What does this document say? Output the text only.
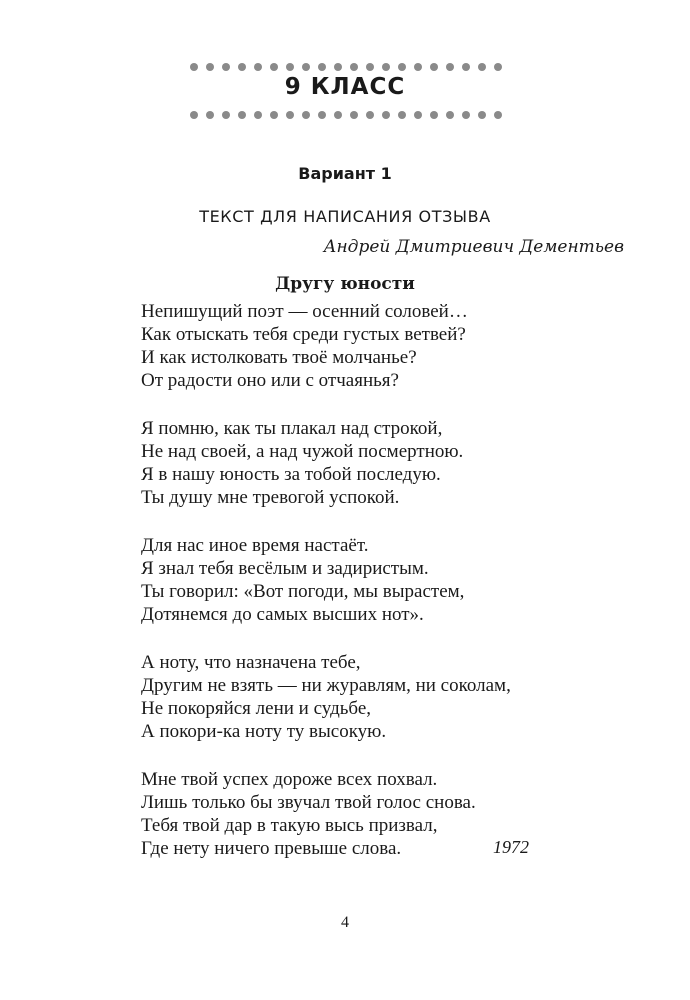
9 КЛАСС
Вариант 1
ТЕКСТ ДЛЯ НАПИСАНИЯ ОТЗЫВА
Андрей Дмитриевич Дементьев
Другу юности
Непишущий поэт — осенний соловей…
Как отыскать тебя среди густых ветвей?
И как истолковать твоё молчанье?
От радости оно или с отчаянья?
Я помню, как ты плакал над строкой,
Не над своей, а над чужой посмертною.
Я в нашу юность за тобой последую.
Ты душу мне тревогой успокой.
Для нас иное время настаёт.
Я знал тебя весёлым и задиристым.
Ты говорил: «Вот погоди, мы вырастем,
Дотянемся до самых высших нот».
А ноту, что назначена тебе,
Другим не взять — ни журавлям, ни соколам,
Не покоряйся лени и судьбе,
А покори-ка ноту ту высокую.
Мне твой успех дороже всех похвал.
Лишь только бы звучал твой голос снова.
Тебя твой дар в такую высь призвал,
Где нету ничего превыше слова.	1972
4
